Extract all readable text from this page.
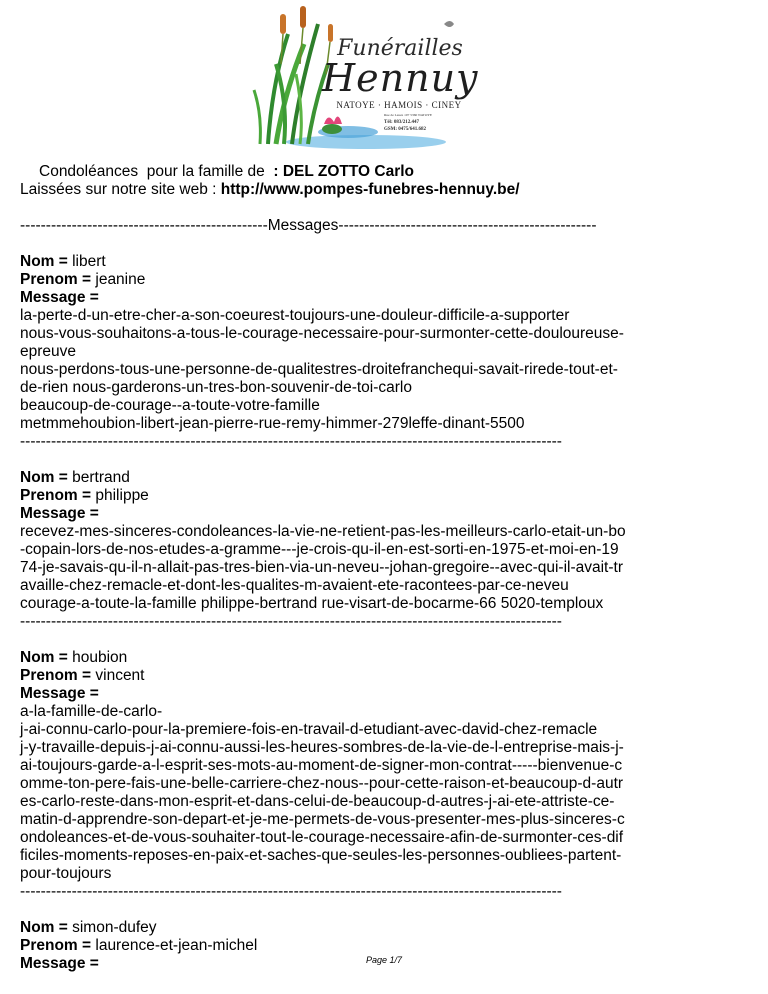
Funérailles
Hennuy
NATOYE · HAMOIS · CINEY
Rue de Leuze 107 5360 NATOYE
Tél: 083/212.447
GSM: 0475/641.682
Condoléances  pour la famille de  : DEL ZOTTO Carlo
Laissées sur notre site web : http://www.pompes-funebres-hennuy.be/
------------------------------------------------Messages--------------------------------------------------
Nom = libert
Prenom = jeanine
Message =
la-perte-d-un-etre-cher-a-son-coeurest-toujours-une-douleur-difficile-a-supporter
nous-vous-souhaitons-a-tous-le-courage-necessaire-pour-surmonter-cette-douloureuse-
epreuve
nous-perdons-tous-une-personne-de-qualitestres-droitefranchequi-savait-rirede-tout-et-
de-rien nous-garderons-un-tres-bon-souvenir-de-toi-carlo
beaucoup-de-courage--a-toute-votre-famille
metmmehoubion-libert-jean-pierre-rue-remy-himmer-279leffe-dinant-5500
---------------------------------------------------------------------------------------------------------
Nom = bertrand
Prenom = philippe
Message =
recevez-mes-sinceres-condoleances-la-vie-ne-retient-pas-les-meilleurs-carlo-etait-un-bo
-copain-lors-de-nos-etudes-a-gramme---je-crois-qu-il-en-est-sorti-en-1975-et-moi-en-19
74-je-savais-qu-il-n-allait-pas-tres-bien-via-un-neveu--johan-gregoire--avec-qui-il-avait-tr
availle-chez-remacle-et-dont-les-qualites-m-avaient-ete-racontees-par-ce-neveu
courage-a-toute-la-famille philippe-bertrand rue-visart-de-bocarme-66 5020-temploux
---------------------------------------------------------------------------------------------------------
Nom = houbion
Prenom = vincent
Message =
a-la-famille-de-carlo-
j-ai-connu-carlo-pour-la-premiere-fois-en-travail-d-etudiant-avec-david-chez-remacle
j-y-travaille-depuis-j-ai-connu-aussi-les-heures-sombres-de-la-vie-de-l-entreprise-mais-j-
ai-toujours-garde-a-l-esprit-ses-mots-au-moment-de-signer-mon-contrat-----bienvenue-c
omme-ton-pere-fais-une-belle-carriere-chez-nous--pour-cette-raison-et-beaucoup-d-autr
es-carlo-reste-dans-mon-esprit-et-dans-celui-de-beaucoup-d-autres-j-ai-ete-attriste-ce-
matin-d-apprendre-son-depart-et-je-me-permets-de-vous-presenter-mes-plus-sinceres-c
ondoleances-et-de-vous-souhaiter-tout-le-courage-necessaire-afin-de-surmonter-ces-dif
ficiles-moments-reposes-en-paix-et-saches-que-seules-les-personnes-oubliees-partent-
pour-toujours
---------------------------------------------------------------------------------------------------------
Nom = simon-dufey
Prenom = laurence-et-jean-michel
Message =	Page 1/7
